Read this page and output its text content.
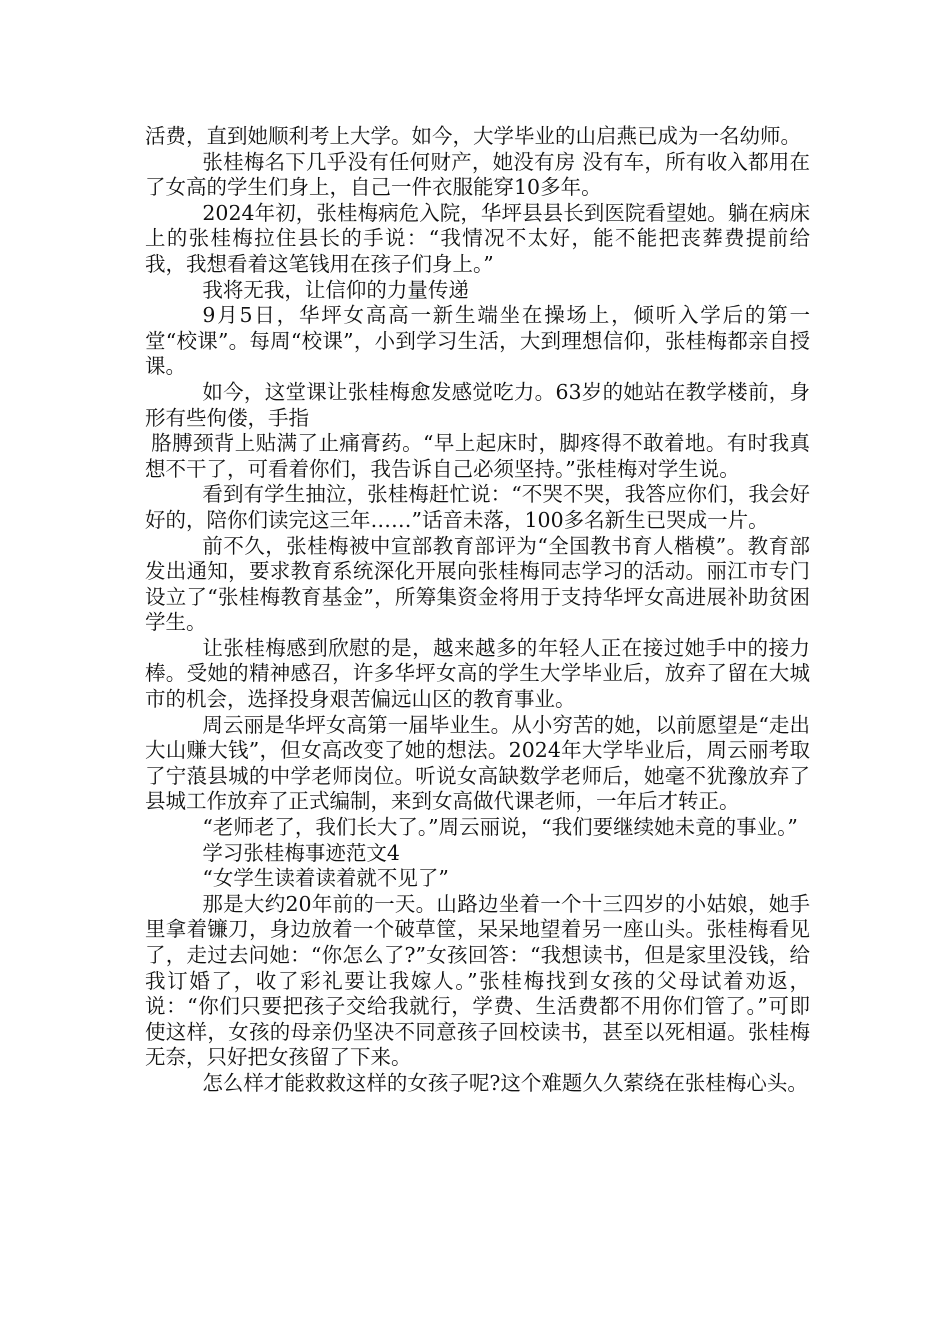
活费，直到她顺利考上大学。如今，大学毕业的山启燕已成为一名幼师。

张桂梅名下几乎没有任何财产，她没有房 没有车，所有收入都用在了女高的学生们身上，自己一件衣服能穿10多年。

2024年初，张桂梅病危入院，华坪县县长到医院看望她。躺在病床上的张桂梅拉住县长的手说：“我情况不太好，能不能把丧葬费提前给我，我想看着这笔钱用在孩子们身上。”

我将无我，让信仰的力量传递

9月5日，华坪女高高一新生端坐在操场上，倾听入学后的第一堂“校课”。每周“校课”，小到学习生活，大到理想信仰，张桂梅都亲自授课。

如今，这堂课让张桂梅愈发感觉吃力。63岁的她站在教学楼前，身形有些佝偻，手指

胳膊颈背上贴满了止痛膏药。“早上起床时，脚疼得不敢着地。有时我真想不干了，可看着你们，我告诉自己必须坚持。”张桂梅对学生说。

看到有学生抽泣，张桂梅赶忙说：“不哭不哭，我答应你们，我会好好的，陪你们读完这三年……”话音未落，100多名新生已哭成一片。

前不久，张桂梅被中宣部教育部评为“全国教书育人楷模”。教育部发出通知，要求教育系统深化开展向张桂梅同志学习的活动。丽江市专门设立了“张桂梅教育基金”，所筹集资金将用于支持华坪女高进展补助贫困学生。

让张桂梅感到欣慰的是，越来越多的年轻人正在接过她手中的接力棒。受她的精神感召，许多华坪女高的学生大学毕业后，放弃了留在大城市的机会，选择投身艰苦偏远山区的教育事业。

周云丽是华坪女高第一届毕业生。从小穷苦的她，以前愿望是“走出大山赚大钱”，但女高改变了她的想法。2024年大学毕业后，周云丽考取了宁蒗县城的中学老师岗位。听说女高缺数学老师后，她毫不犹豫放弃了县城工作放弃了正式编制，来到女高做代课老师，一年后才转正。

“老师老了，我们长大了。”周云丽说，“我们要继续她未竟的事业。”

学习张桂梅事迹范文4

“女学生读着读着就不见了”

那是大约20年前的一天。山路边坐着一个十三四岁的小姑娘，她手里拿着镰刀，身边放着一个破草筐，呆呆地望着另一座山头。张桂梅看见了，走过去问她：“你怎么了?”女孩回答：“我想读书，但是家里没钱，给我订婚了，收了彩礼要让我嫁人。”张桂梅找到女孩的父母试着劝返，说：“你们只要把孩子交给我就行，学费、生活费都不用你们管了。”可即使这样，女孩的母亲仍坚决不同意孩子回校读书，甚至以死相逼。张桂梅无奈，只好把女孩留了下来。

怎么样才能救救这样的女孩子呢?这个难题久久萦绕在张桂梅心头。
